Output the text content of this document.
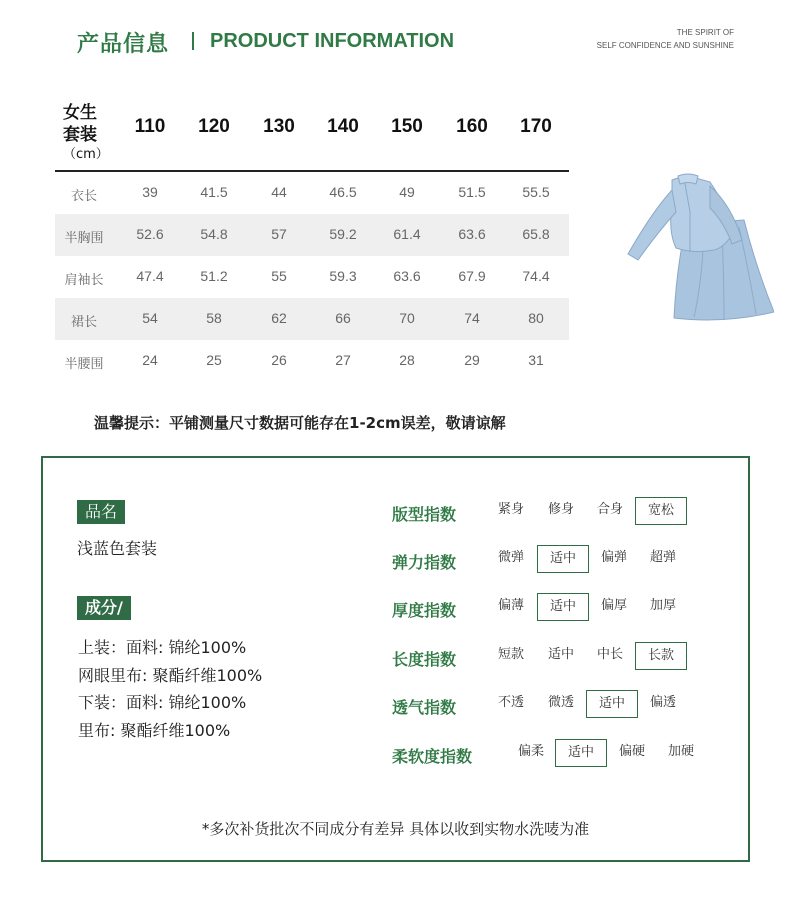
产品信息 PRODUCT INFORMATION	THE SPIRIT OF
SELF CONFIDENCE AND SUNSHINE
女生
套装
（cm）
110	120	130	140	150	160	170
衣长	39	41.5	44	46.5	49	51.5	55.5
半胸围	52.6	54.8	57	59.2	61.4	63.6	65.8
肩袖长	47.4	51.2	55	59.3	63.6	67.9	74.4
裙长	54	58	62	66	70	74	80
半腰围	24	25	26	27	28	29	31
温馨提示：平铺测量尺寸数据可能存在1-2cm误差，敬请谅解
品名
浅蓝色套装
成分/
上装：面料: 锦纶100%
网眼里布: 聚酯纤维100%
下装：面料: 锦纶100%
里布: 聚酯纤维100%
版型指数	紧身	修身	合身	宽松
弹力指数	微弹	适中	偏弹	超弹
厚度指数	偏薄	适中	偏厚	加厚
长度指数	短款	适中	中长	长款
透气指数	不透	微透	适中	偏透
柔软度指数	偏柔	适中	偏硬	加硬
*多次补货批次不同成分有差异 具体以收到实物水洗唛为准
